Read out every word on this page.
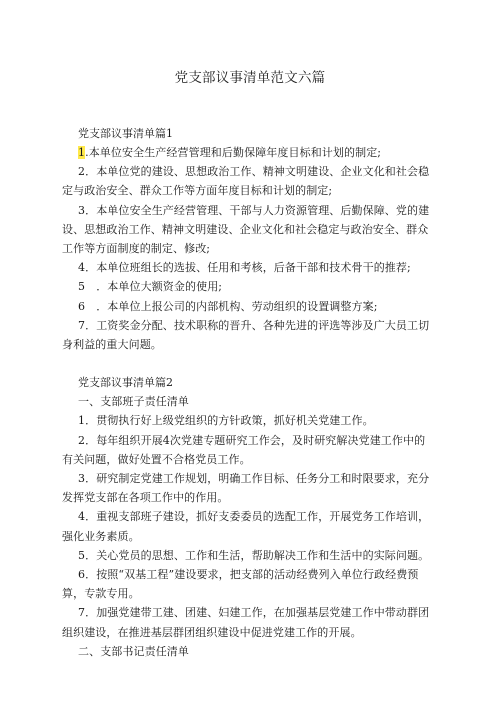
党支部议事清单范文六篇

党支部议事清单篇1

1.本单位安全生产经营管理和后勤保障年度目标和计划的制定;

2．本单位党的建设、思想政治工作、精神文明建设、企业文化和社会稳定与政治安全、群众工作等方面年度目标和计划的制定;

3．本单位安全生产经营管理、干部与人力资源管理、后勤保障、党的建设、思想政治工作、精神文明建设、企业文化和社会稳定与政治安全、群众工作等方面制度的制定、修改;

4．本单位班组长的选拔、任用和考核，后备干部和技术骨干的推荐;

5　．本单位大额资金的使用;

6　．本单位上报公司的内部机构、劳动组织的设置调整方案;

7．工资奖金分配、技术职称的晋升、各种先进的评选等涉及广大员工切身利益的重大问题。

党支部议事清单篇2

一、支部班子责任清单

1．贯彻执行好上级党组织的方针政策，抓好机关党建工作。

2．每年组织开展4次党建专题研究工作会，及时研究解决党建工作中的有关问题，做好处置不合格党员工作。

3．研究制定党建工作规划，明确工作目标、任务分工和时限要求，充分发挥党支部在各项工作中的作用。

4．重视支部班子建设，抓好支委委员的选配工作，开展党务工作培训，强化业务素质。

5．关心党员的思想、工作和生活，帮助解决工作和生活中的实际问题。

6．按照“双基工程”建设要求，把支部的活动经费列入单位行政经费预算，专款专用。

7．加强党建带工建、团建、妇建工作，在加强基层党建工作中带动群团组织建设，在推进基层群团组织建设中促进党建工作的开展。

二、支部书记责任清单
